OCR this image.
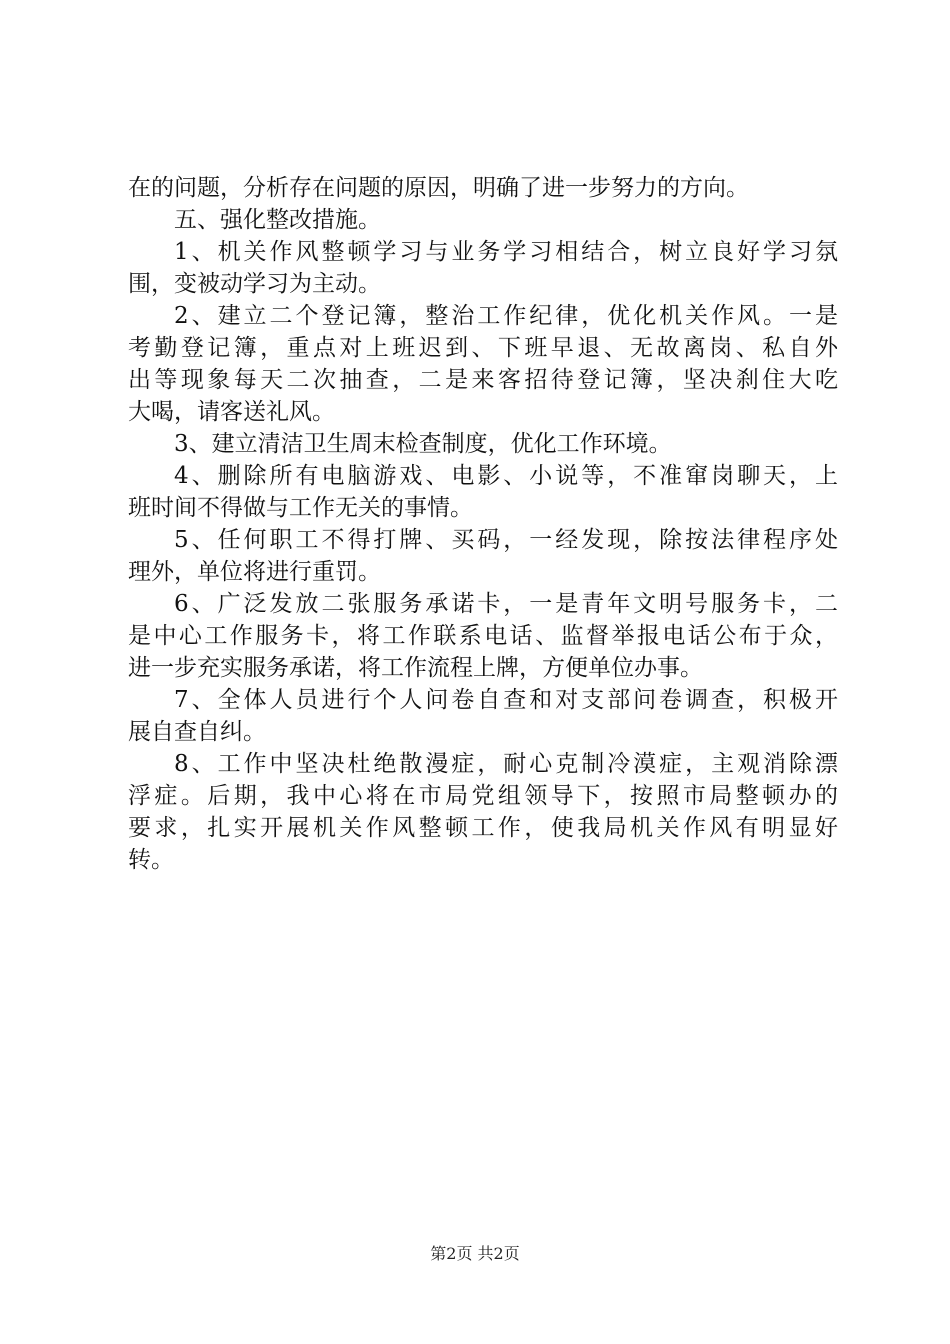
在的问题，分析存在问题的原因，明确了进一步努力的方向。
五、强化整改措施。
1、机关作风整顿学习与业务学习相结合，树立良好学习氛
围，变被动学习为主动。
2、建立二个登记簿，整治工作纪律，优化机关作风。一是
考勤登记簿，重点对上班迟到、下班早退、无故离岗、私自外
出等现象每天二次抽查，二是来客招待登记簿，坚决刹住大吃
大喝，请客送礼风。
3、建立清洁卫生周末检查制度，优化工作环境。
4、删除所有电脑游戏、电影、小说等，不准窜岗聊天，上
班时间不得做与工作无关的事情。
5、任何职工不得打牌、买码，一经发现，除按法律程序处
理外，单位将进行重罚。
6、广泛发放二张服务承诺卡，一是青年文明号服务卡，二
是中心工作服务卡，将工作联系电话、监督举报电话公布于众，
进一步充实服务承诺，将工作流程上牌，方便单位办事。
7、全体人员进行个人问卷自查和对支部问卷调查，积极开
展自查自纠。
8、工作中坚决杜绝散漫症，耐心克制冷漠症，主观消除漂
浮症。后期，我中心将在市局党组领导下，按照市局整顿办的
要求，扎实开展机关作风整顿工作，使我局机关作风有明显好
转。
第2页 共2页
